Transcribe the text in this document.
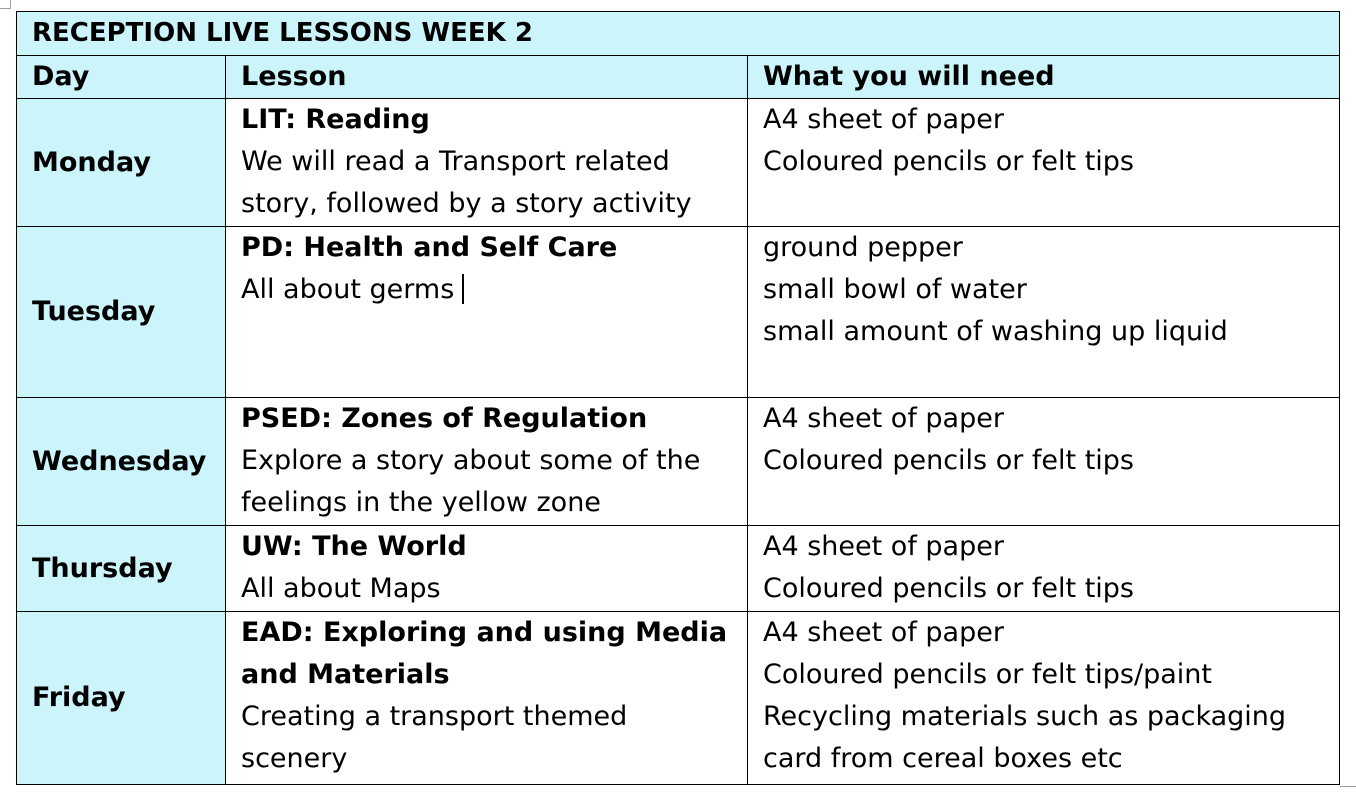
RECEPTION LIVE LESSONS WEEK 2		
Day	Lesson	What you will need
Monday	LIT: Reading
We will read a Transport related
story, followed by a story activity	A4 sheet of paper
Coloured pencils or felt tips

Tuesday	PD: Health and Self Care
All about germs	ground pepper
small bowl of water
small amount of washing up liquid

Wednesday	PSED: Zones of Regulation
Explore a story about some of the
feelings in the yellow zone	A4 sheet of paper
Coloured pencils or felt tips

Thursday	UW: The World
All about Maps	A4 sheet of paper
Coloured pencils or felt tips

Friday	EAD: Exploring and using Media
and Materials
Creating a transport themed
scenery	A4 sheet of paper
Coloured pencils or felt tips/paint
Recycling materials such as packaging
card from cereal boxes etc
